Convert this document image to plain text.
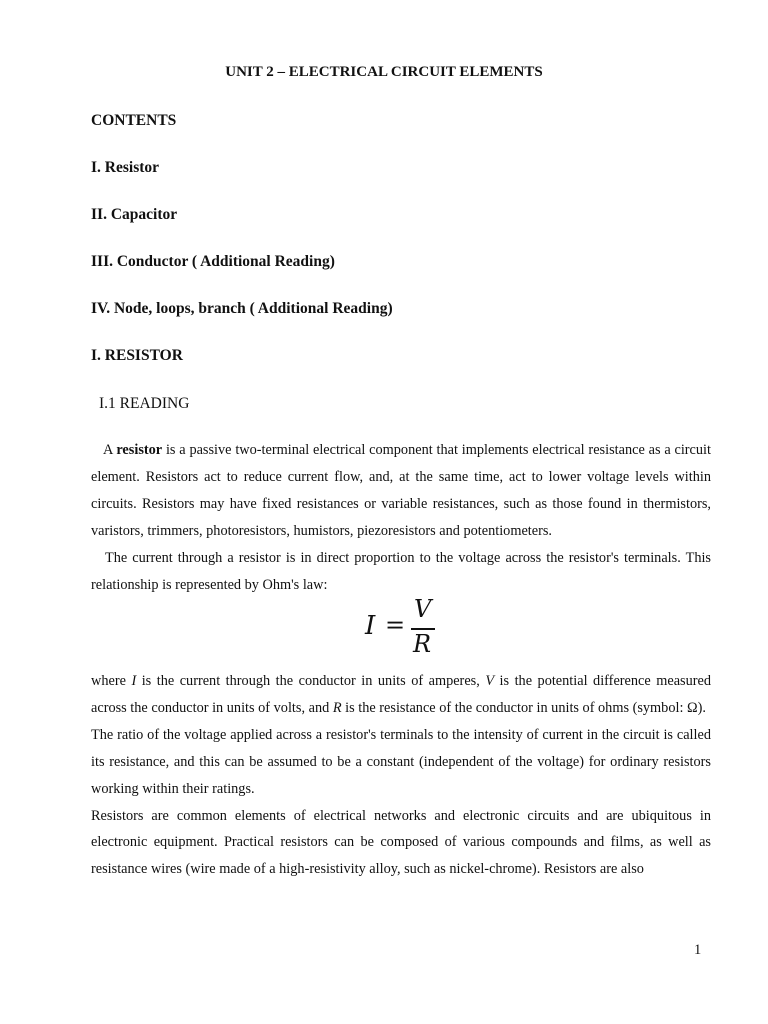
UNIT 2 – ELECTRICAL CIRCUIT ELEMENTS
CONTENTS
I. Resistor
II. Capacitor
III. Conductor ( Additional Reading)
IV. Node, loops, branch ( Additional Reading)
I. RESISTOR
I.1 READING

A resistor is a passive two-terminal electrical component that implements electrical resistance as a circuit element. Resistors act to reduce current flow, and, at the same time, act to lower voltage levels within circuits. Resistors may have fixed resistances or variable resistances, such as those found in thermistors, varistors, trimmers, photoresistors, humistors, piezoresistors and potentiometers.

The current through a resistor is in direct proportion to the voltage across the resistor's terminals. This relationship is represented by Ohm's law:

I =
V
R

where I is the current through the conductor in units of amperes, V is the potential difference measured across the conductor in units of volts, and R is the resistance of the conductor in units of ohms (symbol: Ω).

The ratio of the voltage applied across a resistor's terminals to the intensity of current in the circuit is called its resistance, and this can be assumed to be a constant (independent of the voltage) for ordinary resistors working within their ratings.

Resistors are common elements of electrical networks and electronic circuits and are ubiquitous in electronic equipment. Practical resistors can be composed of various compounds and films, as well as resistance wires (wire made of a high-resistivity alloy, such as nickel-chrome). Resistors are also

1
